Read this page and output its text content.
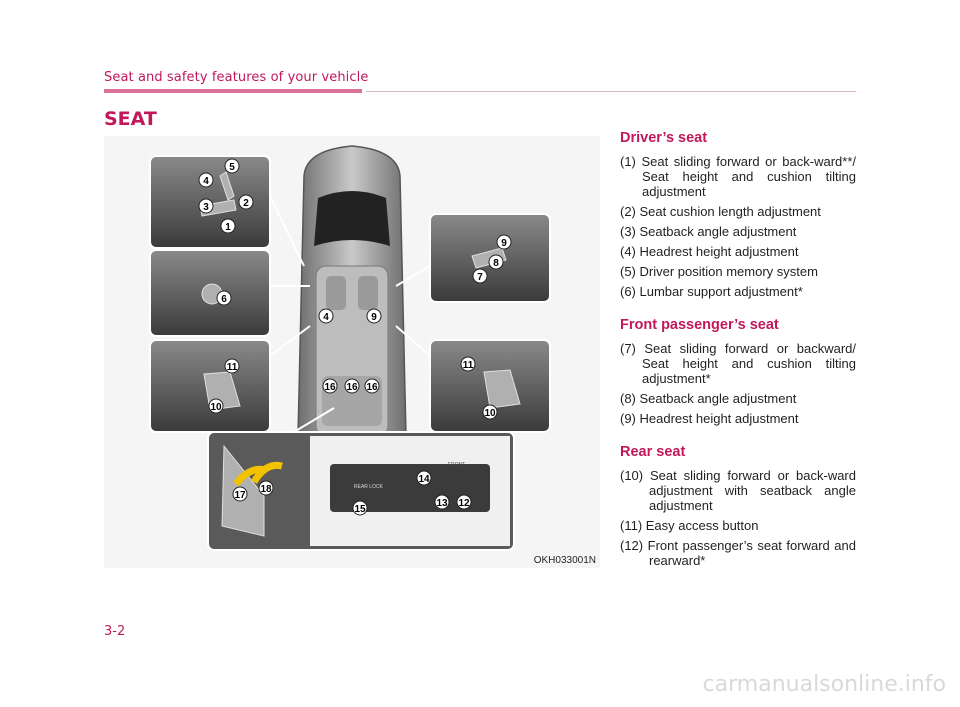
Seat and safety features of your vehicle
SEAT
REAR LOCK
FRONT
5
4
2
3
1
6
9
8
7
4	9
11
10
11
10
16 16 16
14
15
13 12
17
18
OKH033001N
Driver’s seat
(1) Seat sliding forward or back-ward**/ Seat height and cushion tilting adjustment
(2) Seat cushion length adjustment
(3) Seatback angle adjustment
(4) Headrest height adjustment
(5) Driver position memory system
(6) Lumbar support adjustment*
Front passenger’s seat
(7) Seat sliding forward or backward/ Seat height and cushion tilting adjustment*
(8) Seatback angle adjustment
(9) Headrest height adjustment
Rear seat
(10) Seat sliding forward or back-ward adjustment with seatback angle adjustment
(11) Easy access button
(12) Front passenger’s seat forward and rearward*
3-2
carmanualsonline.info
